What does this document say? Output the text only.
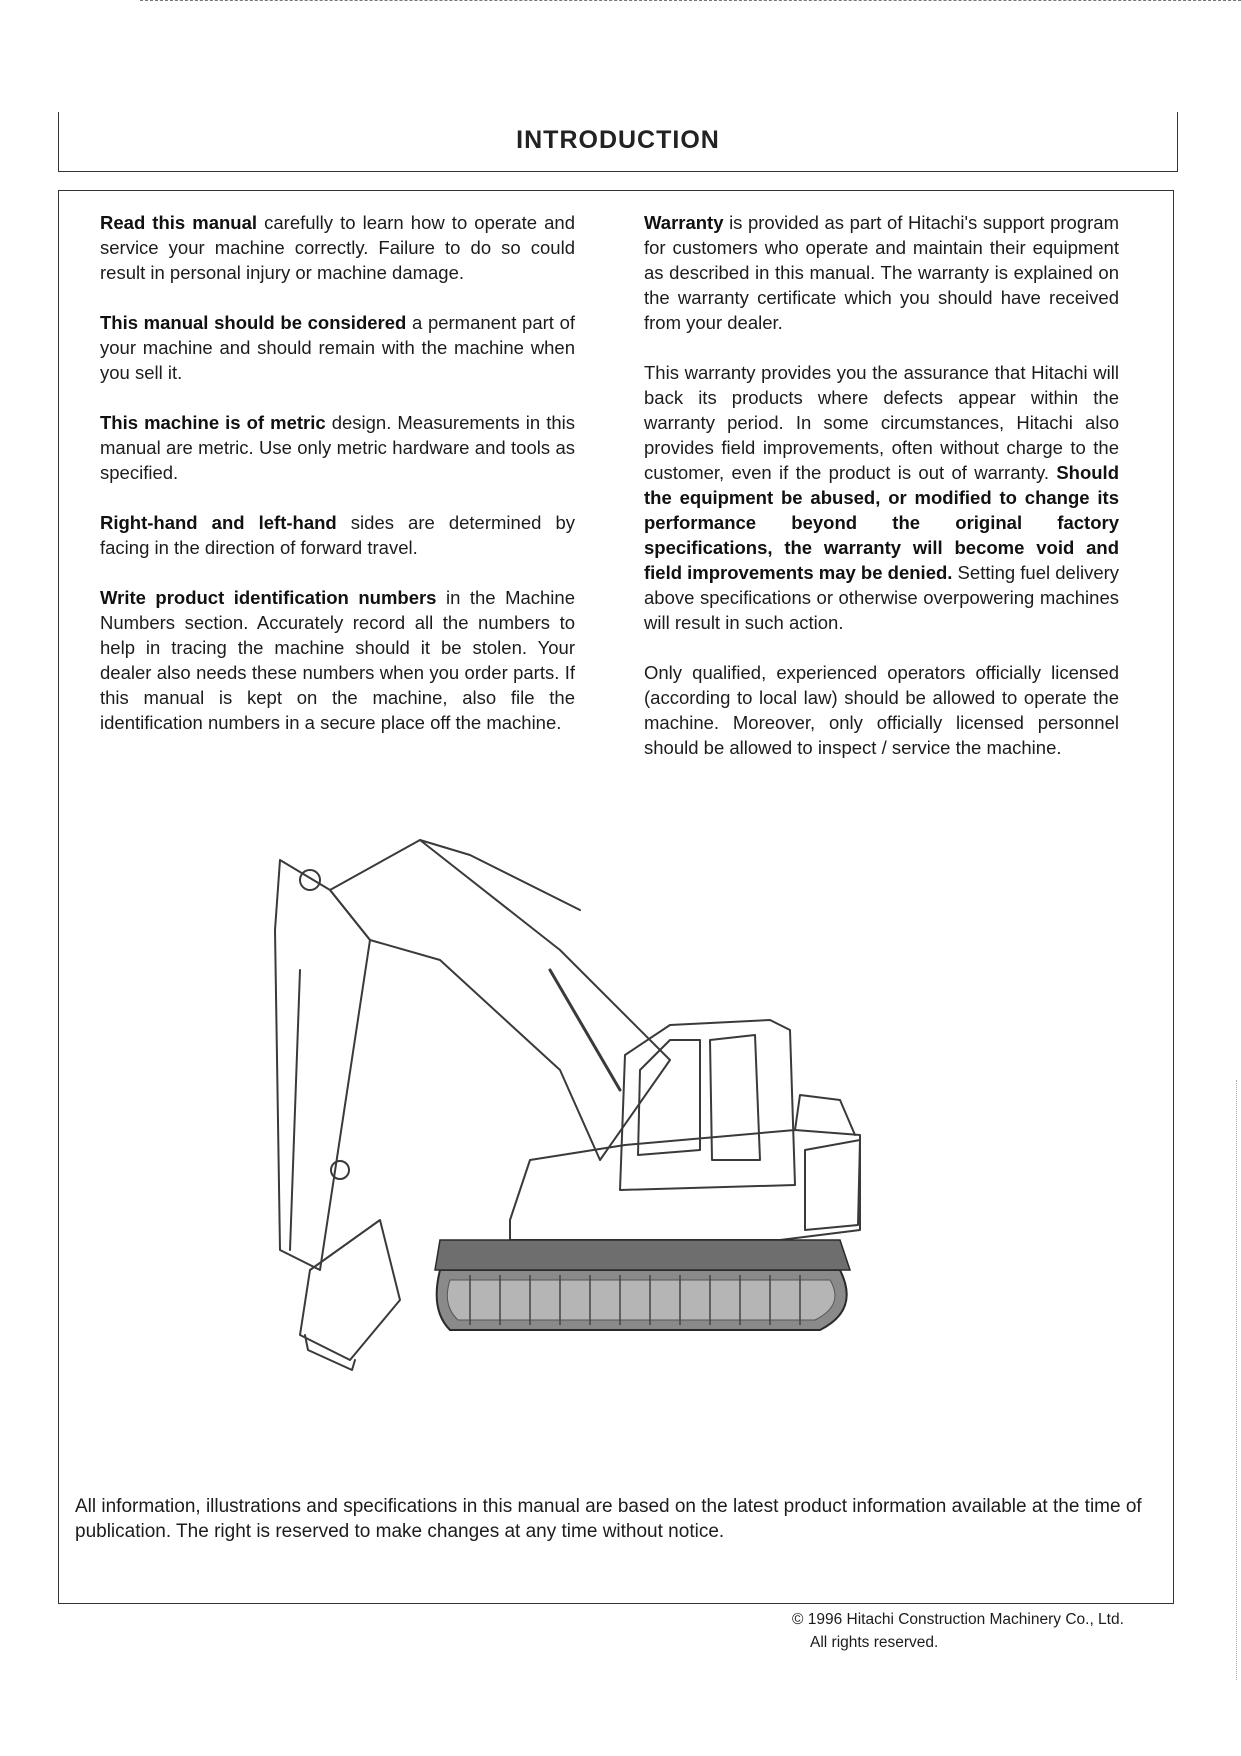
INTRODUCTION

Read this manual carefully to learn how to operate and service your machine correctly. Failure to do so could result in personal injury or machine damage.

This manual should be considered a permanent part of your machine and should remain with the machine when you sell it.

This machine is of metric design. Measurements in this manual are metric. Use only metric hardware and tools as specified.

Right-hand and left-hand sides are determined by facing in the direction of forward travel.

Write product identification numbers in the Machine Numbers section. Accurately record all the numbers to help in tracing the machine should it be stolen. Your dealer also needs these numbers when you order parts. If this manual is kept on the machine, also file the identification numbers in a secure place off the machine.

Warranty is provided as part of Hitachi's support program for customers who operate and maintain their equipment as described in this manual. The warranty is explained on the warranty certificate which you should have received from your dealer.

This warranty provides you the assurance that Hitachi will back its products where defects appear within the warranty period. In some circumstances, Hitachi also provides field improvements, often without charge to the customer, even if the product is out of warranty. Should the equipment be abused, or modified to change its performance beyond the original factory specifications, the warranty will become void and field improvements may be denied. Setting fuel delivery above specifications or otherwise overpowering machines will result in such action.

Only qualified, experienced operators officially licensed (according to local law) should be allowed to operate the machine. Moreover, only officially licensed personnel should be allowed to inspect / service the machine.

All information, illustrations and specifications in this manual are based on the latest product information available at the time of publication. The right is reserved to make changes at any time without notice.
© 1996 Hitachi Construction Machinery Co., Ltd.
All rights reserved.
